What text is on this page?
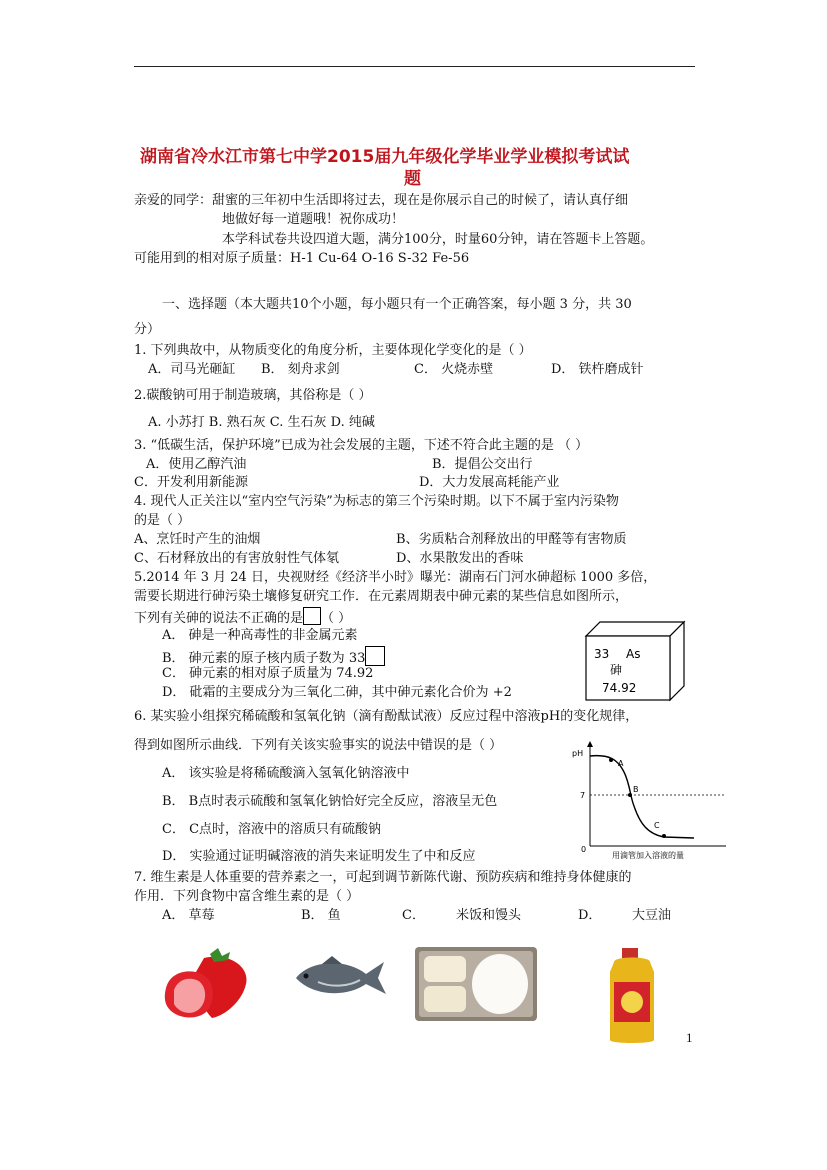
湖南省冷水江市第七中学2015届九年级化学毕业学业模拟考试试
题
亲爱的同学：甜蜜的三年初中生活即将过去，现在是你展示自己的时候了，请认真仔细
地做好每一道题哦！祝你成功！
本学科试卷共设四道大题，满分100分，时量60分钟，请在答题卡上答题。
可能用到的相对原子质量：H-1 Cu-64 O-16 S-32 Fe-56
一、选择题（本大题共10个小题，每小题只有一个正确答案，每小题 3 分，共 30
分）
1. 下列典故中，从物质变化的角度分析，主要体现化学变化的是（ ）
A．司马光砸缸 B． 刻舟求剑	C． 火烧赤壁	D． 铁杵磨成针
2.碳酸钠可用于制造玻璃，其俗称是（ ）
A. 小苏打 B. 熟石灰 C. 生石灰 D. 纯碱
3. “低碳生活，保护环境”已成为社会发展的主题，下述不符合此主题的是 （ ）
A．使用乙醇汽油	B．提倡公交出行
C．开发利用新能源	D．大力发展高耗能产业
4. 现代人正关注以“室内空气污染”为标志的第三个污染时期。以下不属于室内污染物
的是（ ）
A、烹饪时产生的油烟	B、劣质粘合剂释放出的甲醛等有害物质
C、石材释放出的有害放射性气体氡	D、水果散发出的香味
5.2014 年 3 月 24 日，央视财经《经济半小时》曝光：湖南石门河水砷超标 1000 多倍，
需要长期进行砷污染土壤修复研究工作．在元素周期表中砷元素的某些信息如图所示，
下列有关砷的说法不正确的是 （ ）
A． 砷是一种高毒性的非金属元素
B． 砷元素的原子核内质子数为 33
C． 砷元素的相对原子质量为 74.92
D． 砒霜的主要成分为三氧化二砷，其中砷元素化合价为 +2
33 As
砷
74.92
6. 某实验小组探究稀硫酸和氢氧化钠（滴有酚酞试液）反应过程中溶液pH的变化规律，
得到如图所示曲线．下列有关该实验事实的说法中错误的是（ ）
A． 该实验是将稀硫酸滴入氢氧化钠溶液中
B． B点时表示硫酸和氢氧化钠恰好完全反应，溶液呈无色
C． C点时，溶液中的溶质只有硫酸钠
D． 实验通过证明碱溶液的消失来证明发生了中和反应
pH
7
0
A
B
C
用滴管加入溶液的量
7. 维生素是人体重要的营养素之一，可起到调节新陈代谢、预防疾病和维持身体健康的
作用．下列食物中富含维生素的是（ ）
A． 草莓	B． 鱼	C． 米饭和馒头	D． 大豆油
1
